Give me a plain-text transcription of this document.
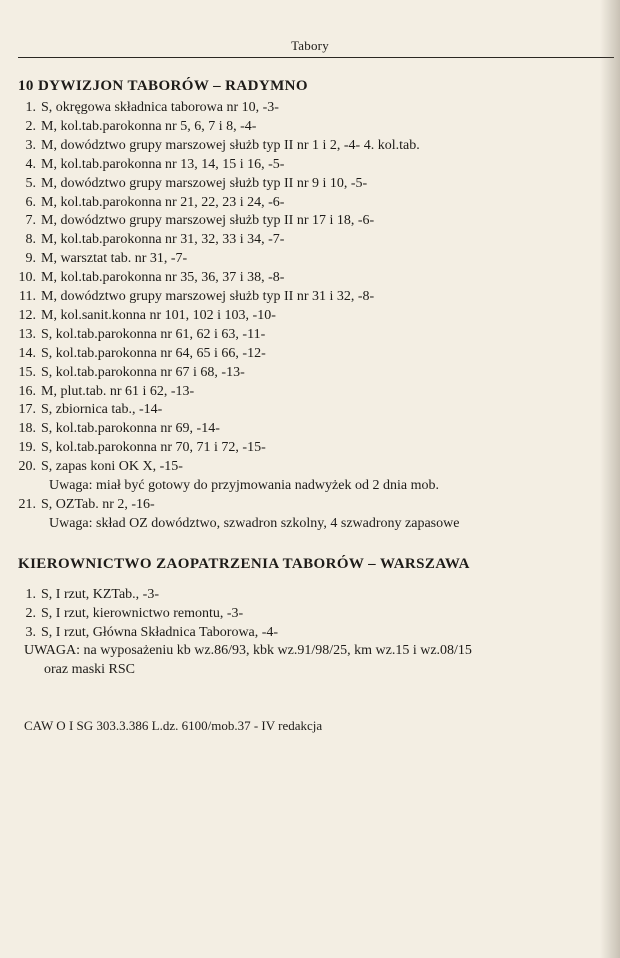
Tabory
10 DYWIZJON TABORÓW – RADYMNO
1. S, okręgowa składnica taborowa nr 10, -3-
2. M, kol.tab.parokonna nr 5, 6, 7 i 8, -4-
3. M, dowództwo grupy marszowej służb typ II nr 1 i 2, -4- 4. kol.tab.
4. M, kol.tab.parokonna nr 13, 14, 15 i 16, -5-
5. M, dowództwo grupy marszowej służb typ II nr 9 i 10, -5-
6. M, kol.tab.parokonna nr 21, 22, 23 i 24, -6-
7. M, dowództwo grupy marszowej służb typ II nr 17 i 18, -6-
8. M, kol.tab.parokonna nr 31, 32, 33 i 34, -7-
9. M, warsztat tab. nr 31, -7-
10. M, kol.tab.parokonna nr 35, 36, 37 i 38, -8-
11. M, dowództwo grupy marszowej służb typ II nr 31 i 32, -8-
12. M, kol.sanit.konna nr 101, 102 i 103, -10-
13. S, kol.tab.parokonna nr 61, 62 i 63, -11-
14. S, kol.tab.parokonna nr 64, 65 i 66, -12-
15. S, kol.tab.parokonna nr 67 i 68, -13-
16. M, plut.tab. nr 61 i 62, -13-
17. S, zbiornica tab., -14-
18. S, kol.tab.parokonna nr 69, -14-
19. S, kol.tab.parokonna nr 70, 71 i 72, -15-
20. S, zapas koni OK X, -15-
Uwaga: miał być gotowy do przyjmowania nadwyżek od 2 dnia mob.
21. S, OZTab. nr 2, -16-
Uwaga: skład OZ dowództwo, szwadron szkolny, 4 szwadrony zapasowe
KIEROWNICTWO ZAOPATRZENIA TABORÓW – WARSZAWA
1. S, I rzut, KZTab., -3-
2. S, I rzut, kierownictwo remontu, -3-
3. S, I rzut, Główna Składnica Taborowa, -4-
UWAGA: na wyposażeniu kb wz.86/93, kbk wz.91/98/25, km wz.15 i wz.08/15
oraz maski RSC
CAW O I SG 303.3.386 L.dz. 6100/mob.37 - IV redakcja
